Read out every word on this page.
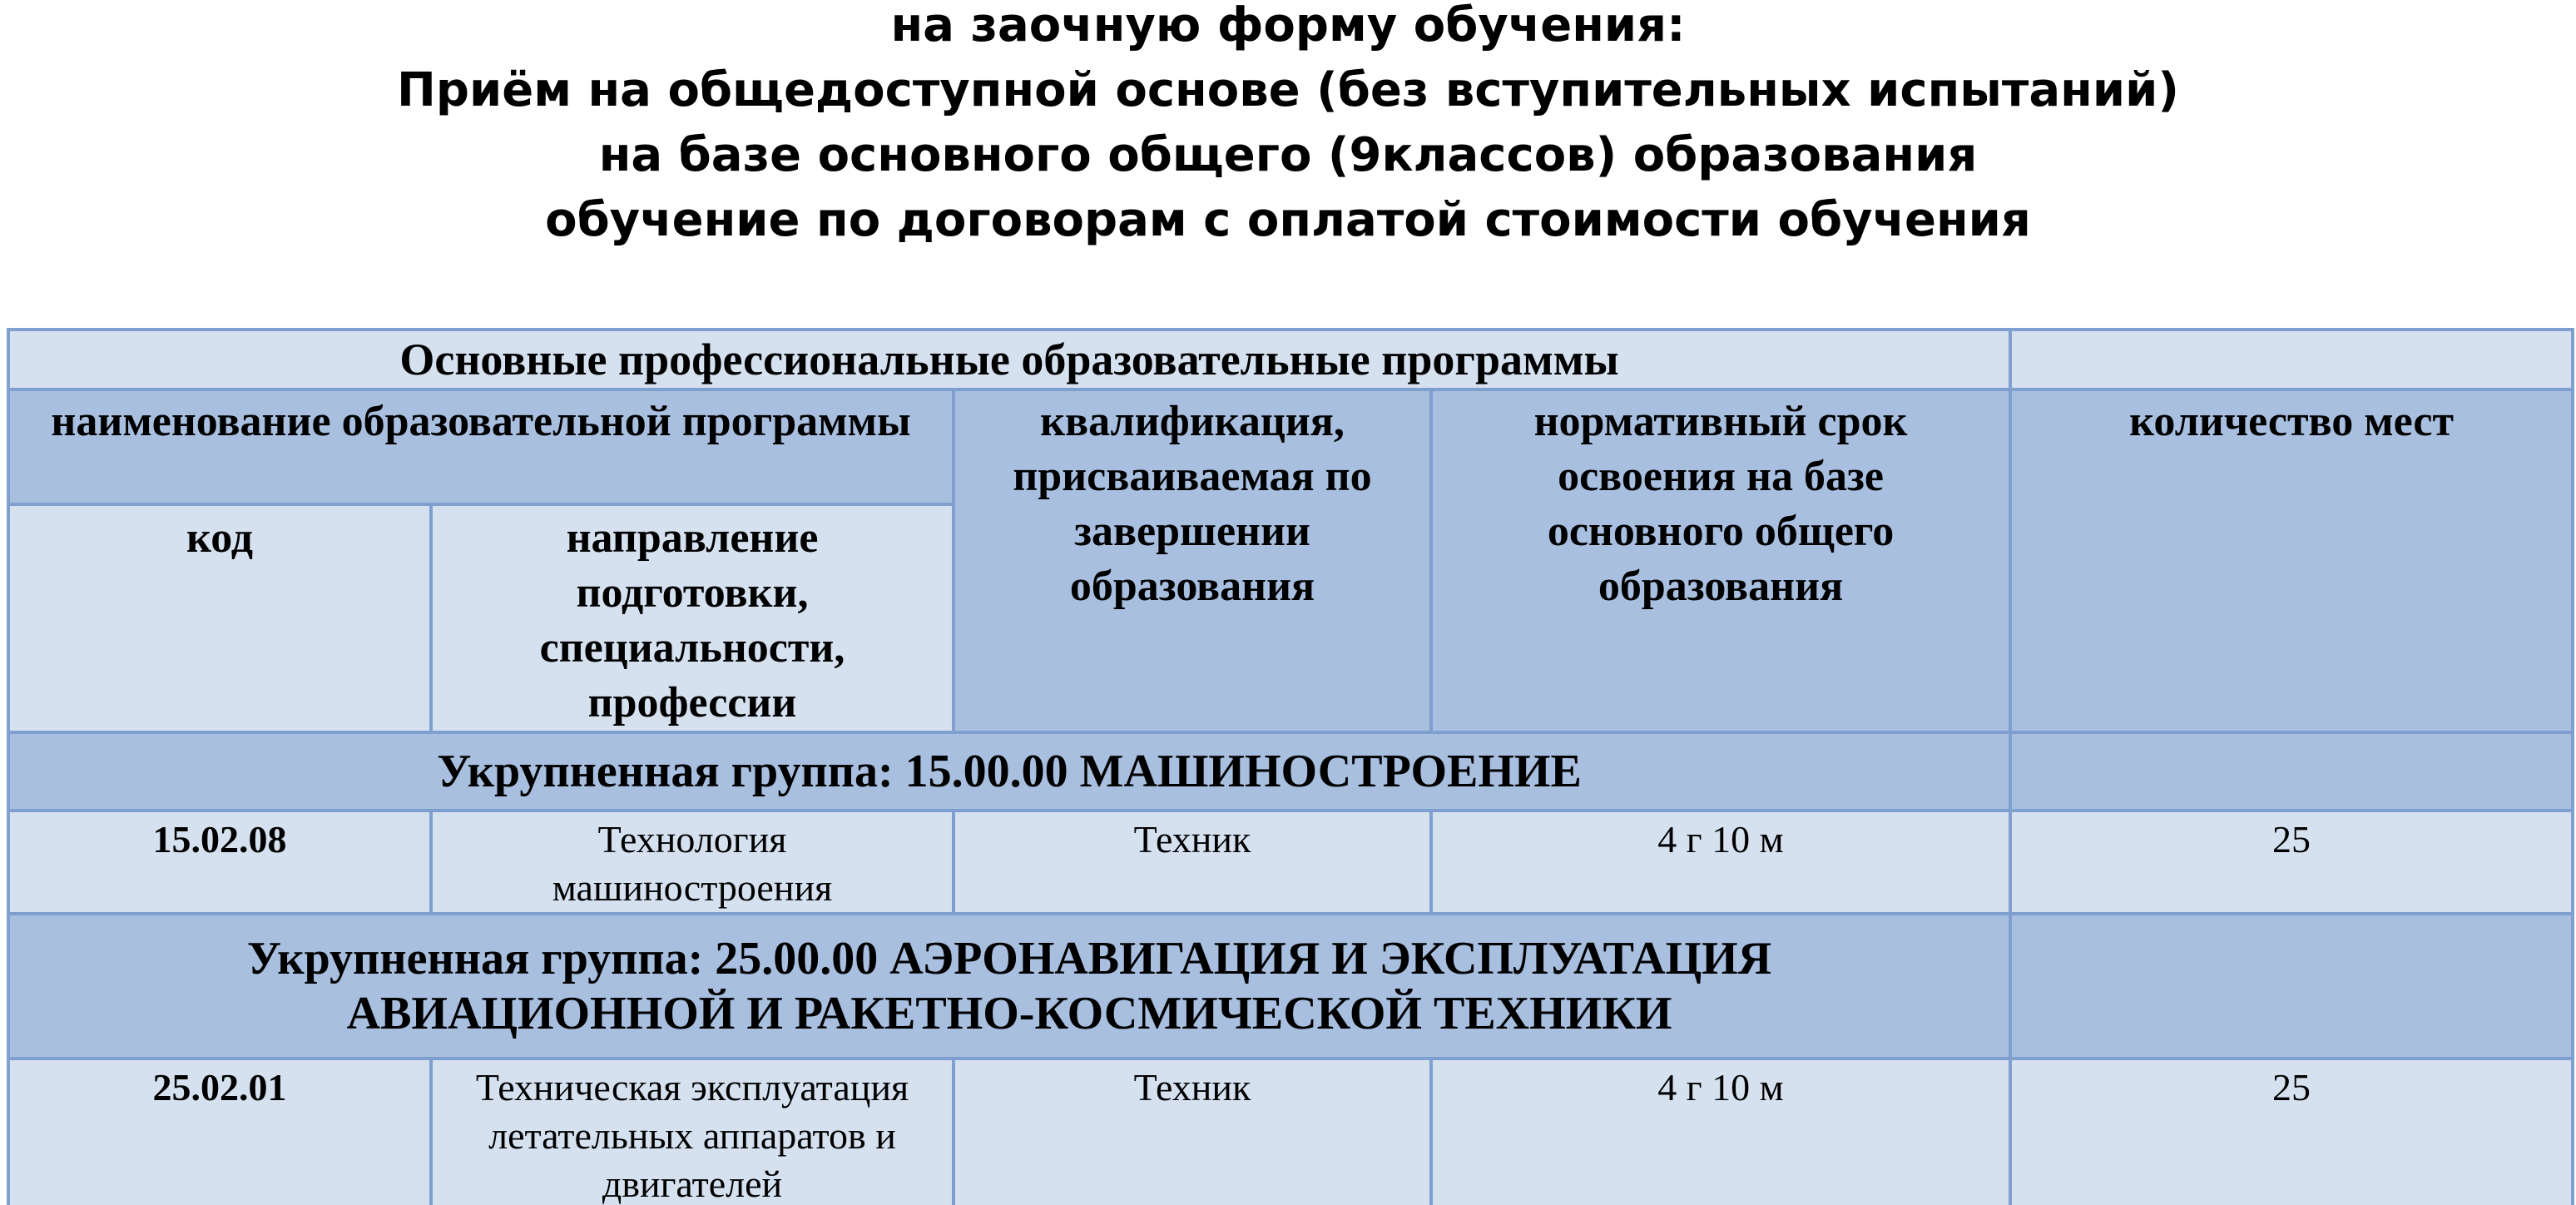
на заочную форму обучения:
Приём на общедоступной основе (без вступительных испытаний)
на базе основного общего (9классов) образования
обучение по договорам с оплатой стоимости обучения
Основные профессиональные образовательные программы				
наименование образовательной программы		квалификация, присваиваемая по завершении образования	нормативный срок освоения на базе основного общего образования	количество мест
код	направление подготовки, специальности, профессии			
Укрупненная группа: 15.00.00 МАШИНОСТРОЕНИЕ				
15.02.08	Технология машиностроения	Техник	4 г 10 м	25
Укрупненная группа: 25.00.00 АЭРОНАВИГАЦИЯ И ЭКСПЛУАТАЦИЯ АВИАЦИОННОЙ И РАКЕТНО-КОСМИЧЕСКОЙ ТЕХНИКИ				
25.02.01	Техническая эксплуатация летательных аппаратов и двигателей	Техник	4 г 10 м	25
